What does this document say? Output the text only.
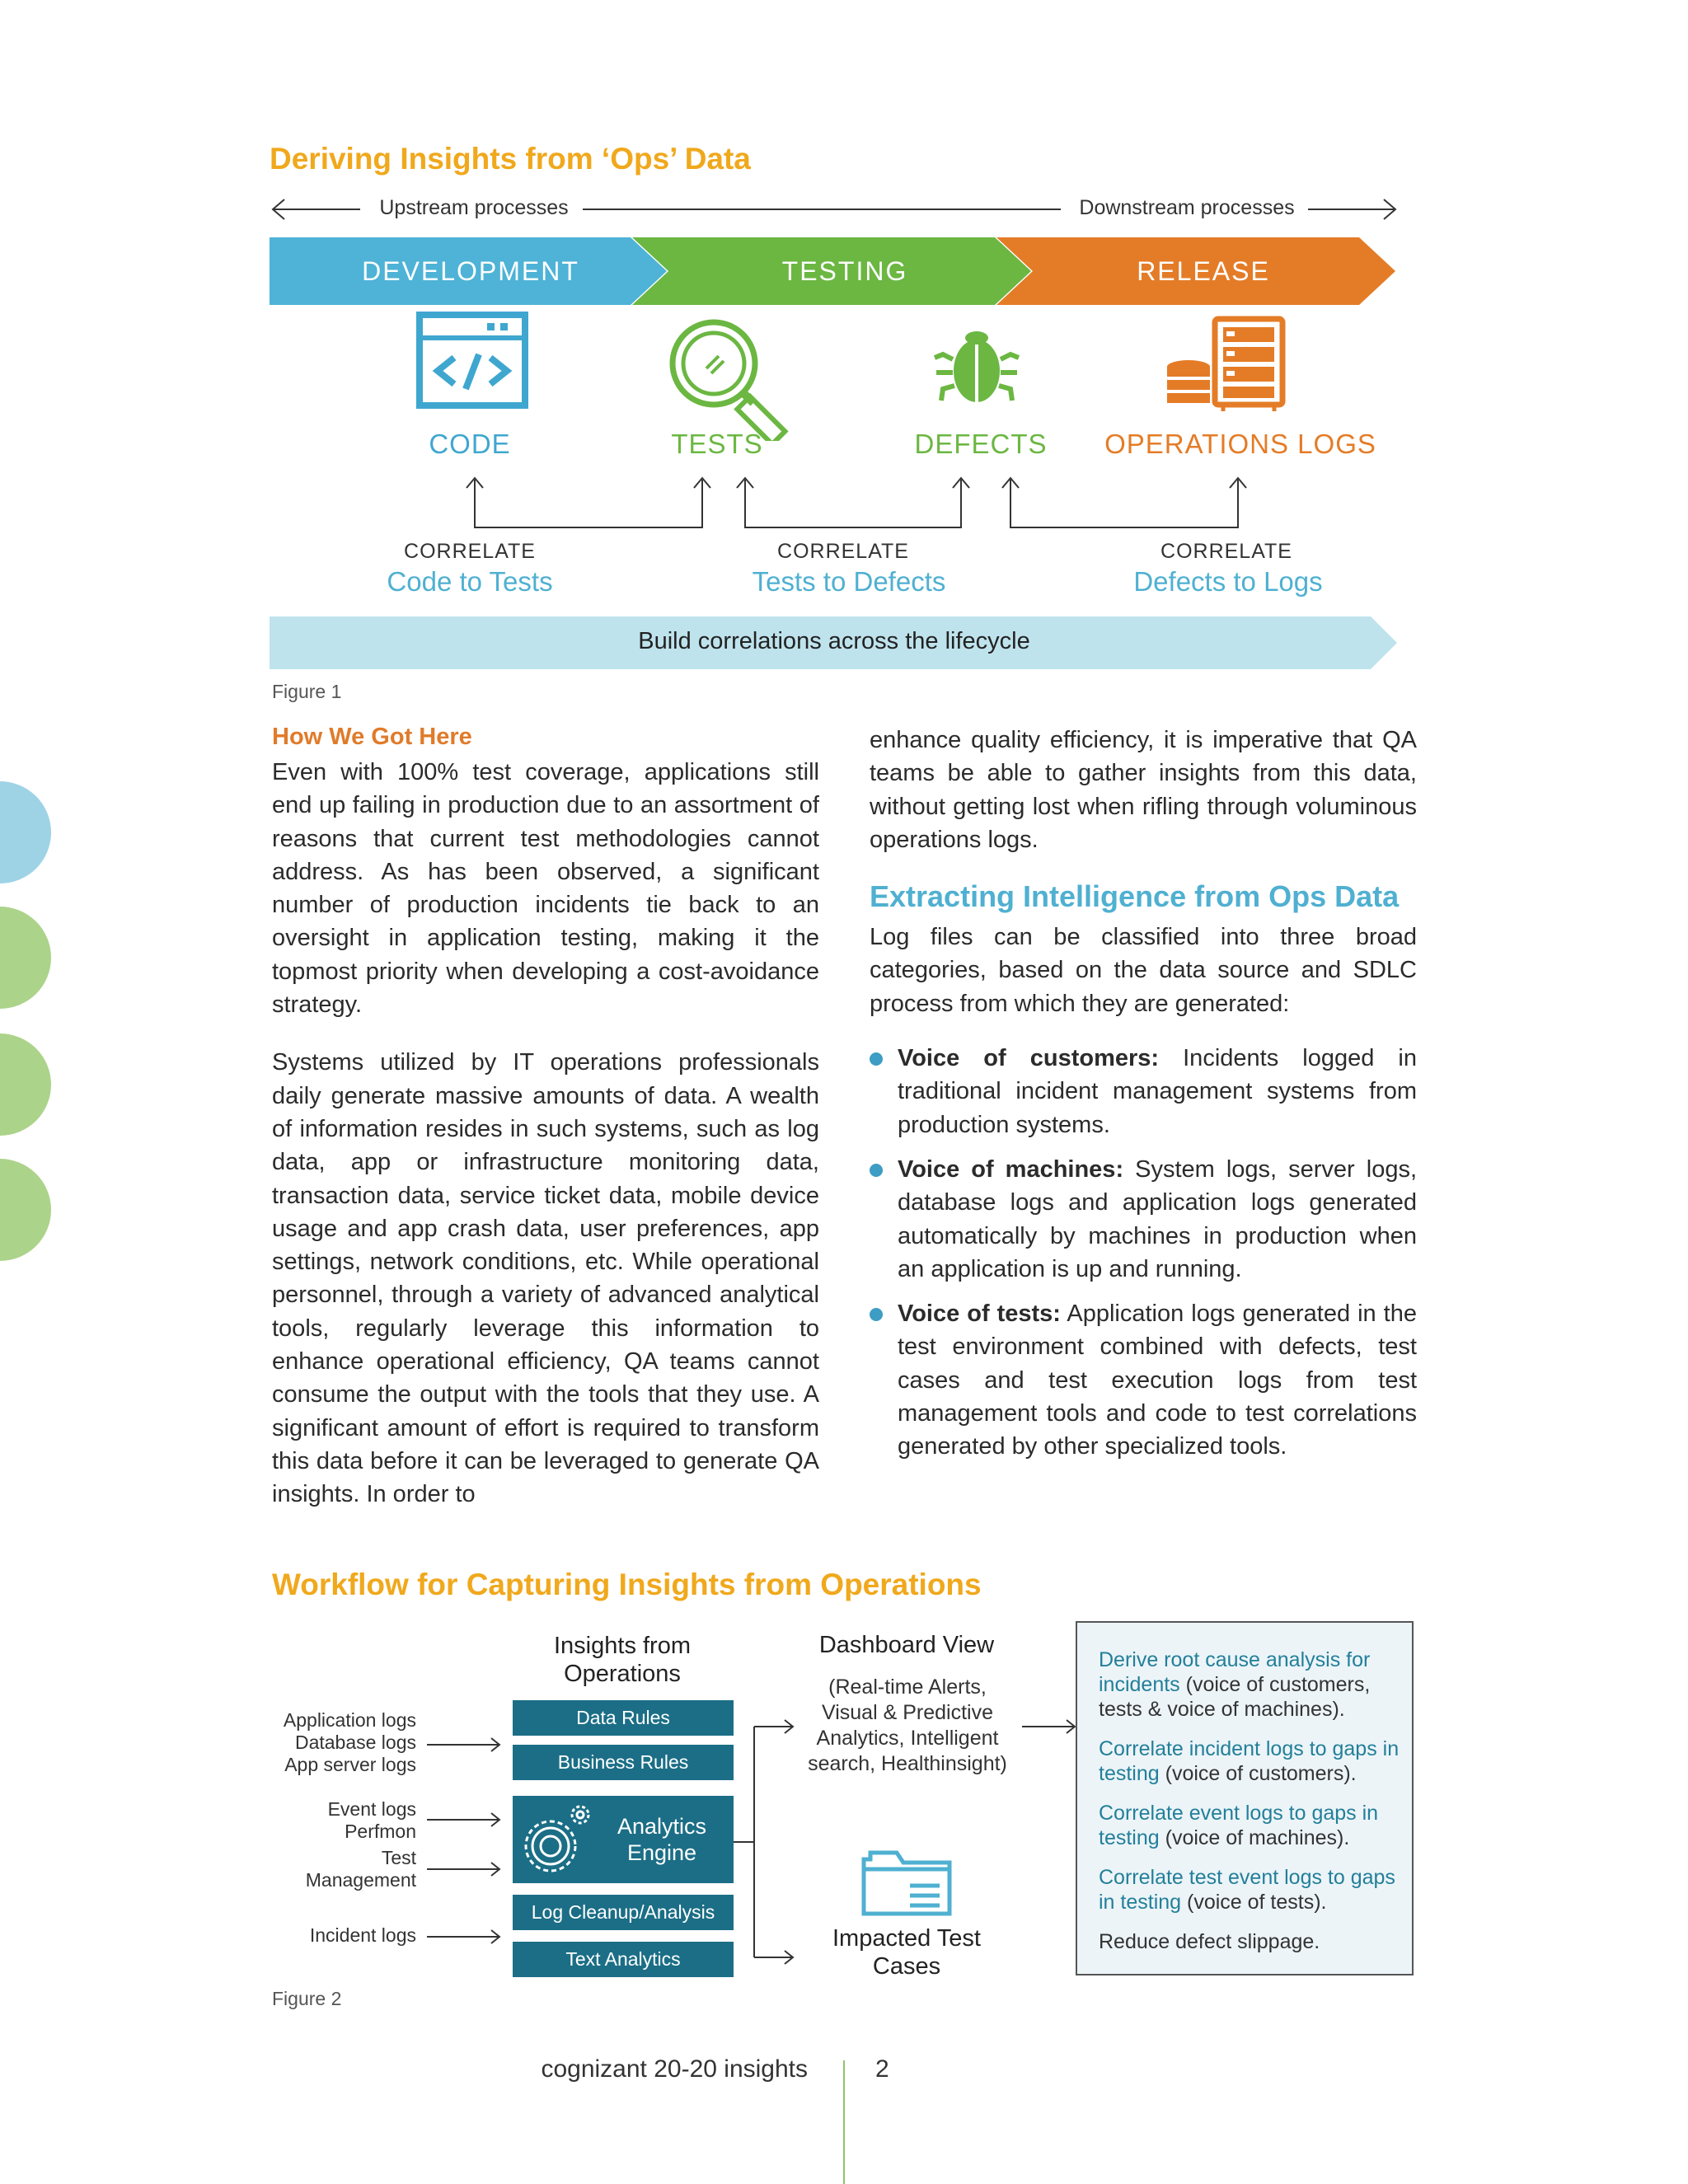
Deriving Insights from ‘Ops’ Data
Upstream processes	Downstream processes
DEVELOPMENT	TESTING	RELEASE
CODE	TESTS	DEFECTS	OPERATIONS LOGS
CORRELATE
Code to Tests
CORRELATE
Tests to Defects
CORRELATE
Defects to Logs
Build correlations across the lifecycle
Figure 1
How We Got Here

Even with 100% test coverage, applications still end up failing in production due to an assortment of reasons that current test methodologies cannot address. As has been observed, a significant number of production incidents tie back to an oversight in application testing, making it the topmost priority when developing a cost-avoidance strategy.

Systems utilized by IT operations professionals daily generate massive amounts of data. A wealth of information resides in such systems, such as log data, app or infrastructure monitoring data, transaction data, service ticket data, mobile device usage and app crash data, user preferences, app settings, network conditions, etc. While operational personnel, through a variety of advanced analytical tools, regularly leverage this information to enhance operational efficiency, QA teams cannot consume the output with the tools that they use. A significant amount of effort is required to transform this data before it can be leveraged to generate QA insights. In order to

enhance quality efficiency, it is imperative that QA teams be able to gather insights from this data, without getting lost when rifling through voluminous operations logs.

Extracting Intelligence from Ops Data

Log files can be classified into three broad categories, based on the data source and SDLC process from which they are generated:

Voice of customers: Incidents logged in traditional incident management systems from production systems.
Voice of machines: System logs, server logs, database logs and application logs generated automatically by machines in production when an application is up and running.
Voice of tests: Application logs generated in the test environment combined with defects, test cases and test execution logs from test management tools and code to test correlations generated by other specialized tools.
Workflow for Capturing Insights from Operations
Application logs
Database logs
App server logs
Event logs
Perfmon
Test
Management
Incident logs
Insights from Operations
Data Rules
Business Rules
Analytics Engine
Log Cleanup/Analysis
Text Analytics
Dashboard View
(Real-time Alerts, Visual & Predictive Analytics, Intelligent search, Healthinsight)
Impacted Test Cases
Derive root cause analysis for incidents (voice of customers, tests & voice of machines).
Correlate incident logs to gaps in testing (voice of customers).
Correlate event logs to gaps in testing (voice of machines).
Correlate test event logs to gaps in testing (voice of tests).
Reduce defect slippage.
Figure 2
cognizant 20-20 insights	2
